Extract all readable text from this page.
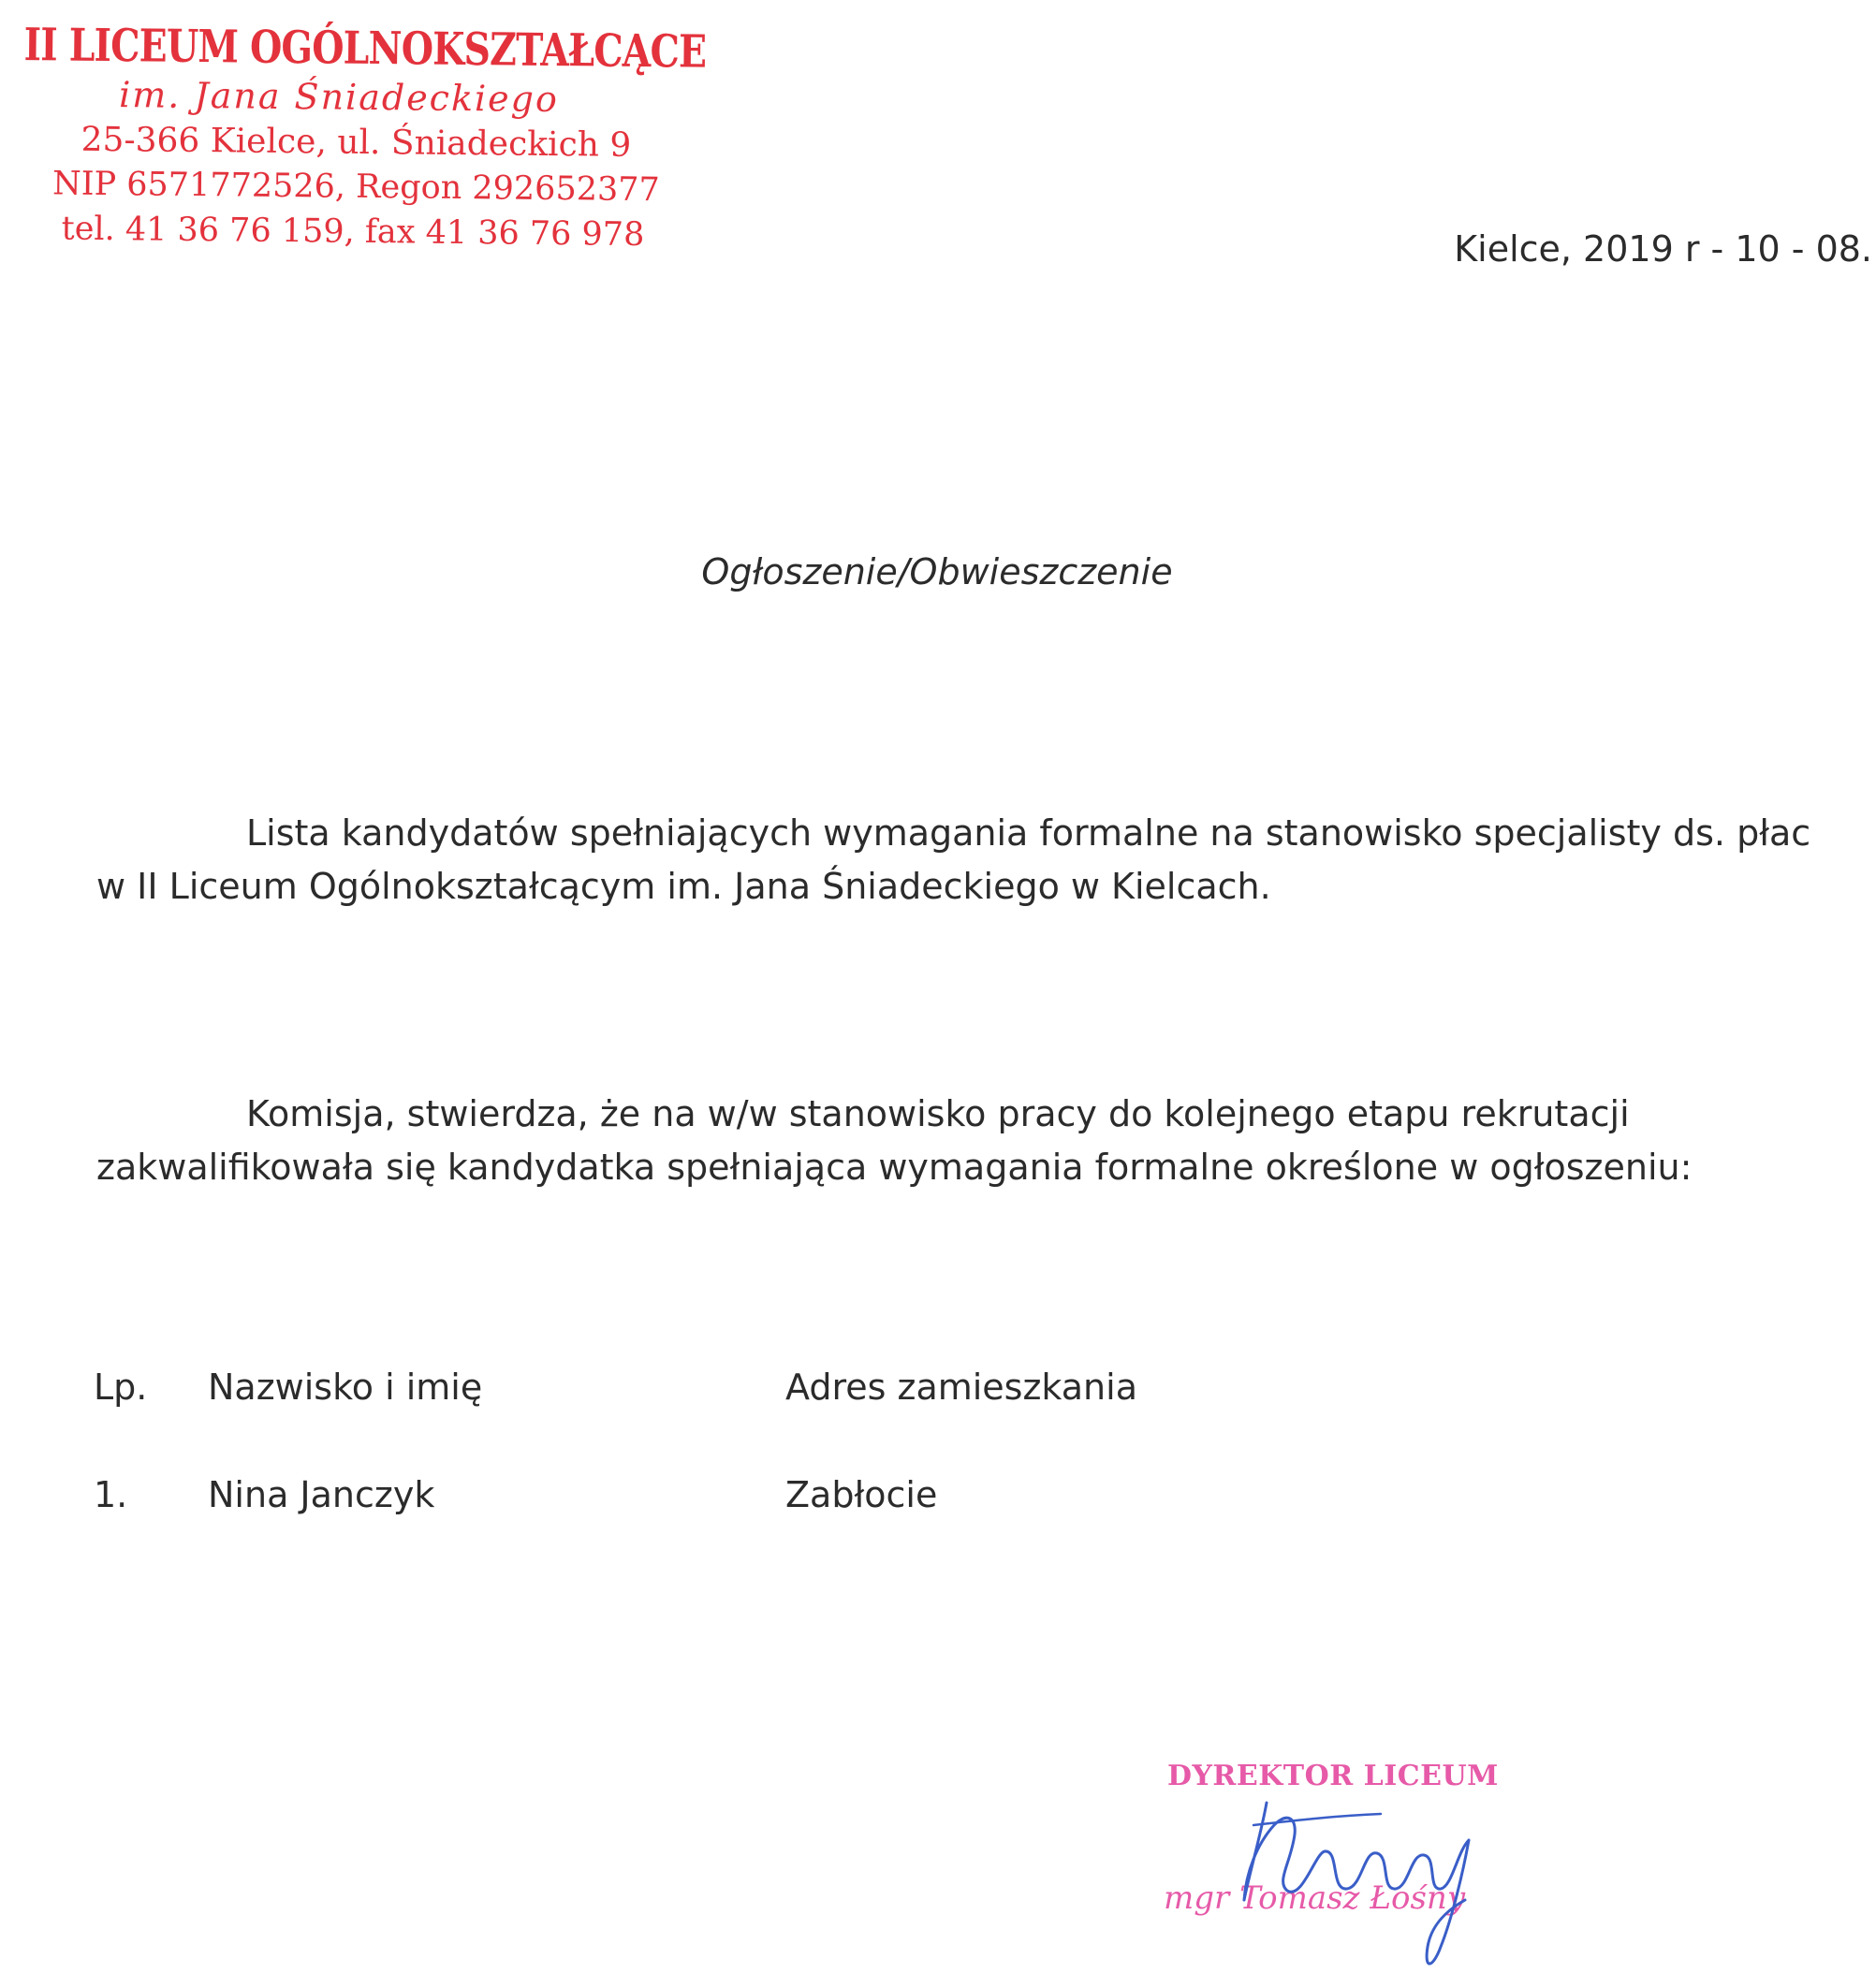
II LICEUM OGÓLNOKSZTAŁCĄCE
im. Jana Śniadeckiego
25-366 Kielce, ul. Śniadeckich 9
NIP 6571772526, Regon 292652377
tel. 41 36 76 159, fax 41 36 76 978	Kielce, 2019 r - 10 - 08.
Ogłoszenie/Obwieszczenie
Lista kandydatów spełniających wymagania formalne na stanowisko specjalisty ds. płac w II Liceum Ogólnokształcącym im. Jana Śniadeckiego w Kielcach.
Komisja, stwierdza, że na w/w stanowisko pracy do kolejnego etapu rekrutacji zakwalifikowała się kandydatka spełniająca wymagania formalne określone w ogłoszeniu:
Lp. Nazwisko i imię	Adres zamieszkania
1. Nina Janczyk	Zabłocie
DYREKTOR LICEUM
mgr Tomasz Łośny
